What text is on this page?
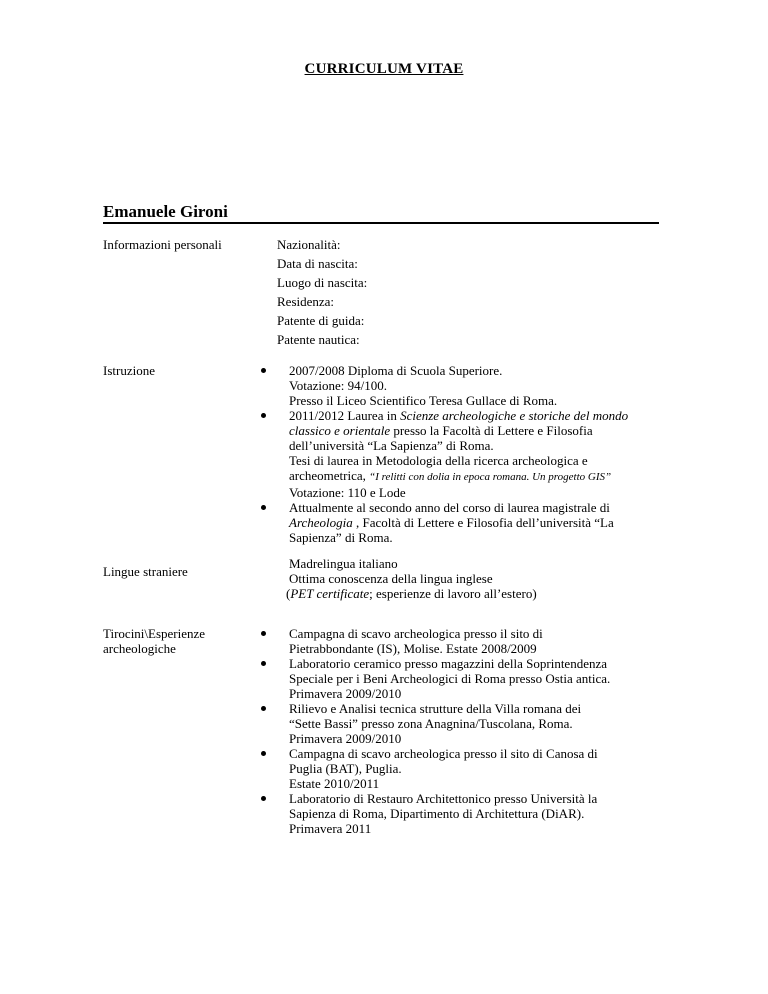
CURRICULUM VITAE
Emanuele Gironi
Informazioni personali	Nazionalità:
Data di nascita:
Luogo di nascita:
Residenza:
Patente di guida:
Patente nautica:
Istruzione	2007/2008 Diploma di Scuola Superiore.
Votazione: 94/100.
Presso il Liceo Scientifico Teresa Gullace di Roma.
2011/2012 Laurea in Scienze archeologiche e storiche del mondo classico e orientale presso la Facoltà di Lettere e Filosofia dell’università “La Sapienza” di Roma.
Tesi di laurea in Metodologia della ricerca archeologica e archeometrica, “I relitti con dolia in epoca romana. Un progetto GIS”
Votazione: 110 e Lode
Attualmente al secondo anno del corso di laurea magistrale di Archeologia , Facoltà di Lettere e Filosofia dell’università “La Sapienza” di Roma.
Lingue straniere
Madrelingua italiano
Ottima conoscenza della lingua inglese
(PET certificate; esperienze di lavoro all’estero)
Tirocini\Esperienze
archeologiche
Campagna di scavo archeologica presso il sito di
Pietrabbondante (IS), Molise. Estate 2008/2009
Laboratorio ceramico presso magazzini della Soprintendenza
Speciale per i Beni Archeologici di Roma presso Ostia antica.
Primavera 2009/2010
Rilievo e Analisi tecnica strutture della Villa romana dei
“Sette Bassi” presso zona Anagnina/Tuscolana, Roma.
Primavera 2009/2010
Campagna di scavo archeologica presso il sito di Canosa di
Puglia (BAT), Puglia.
Estate 2010/2011
Laboratorio di Restauro Architettonico presso Università la
Sapienza di Roma, Dipartimento di Architettura (DiAR).
Primavera 2011
